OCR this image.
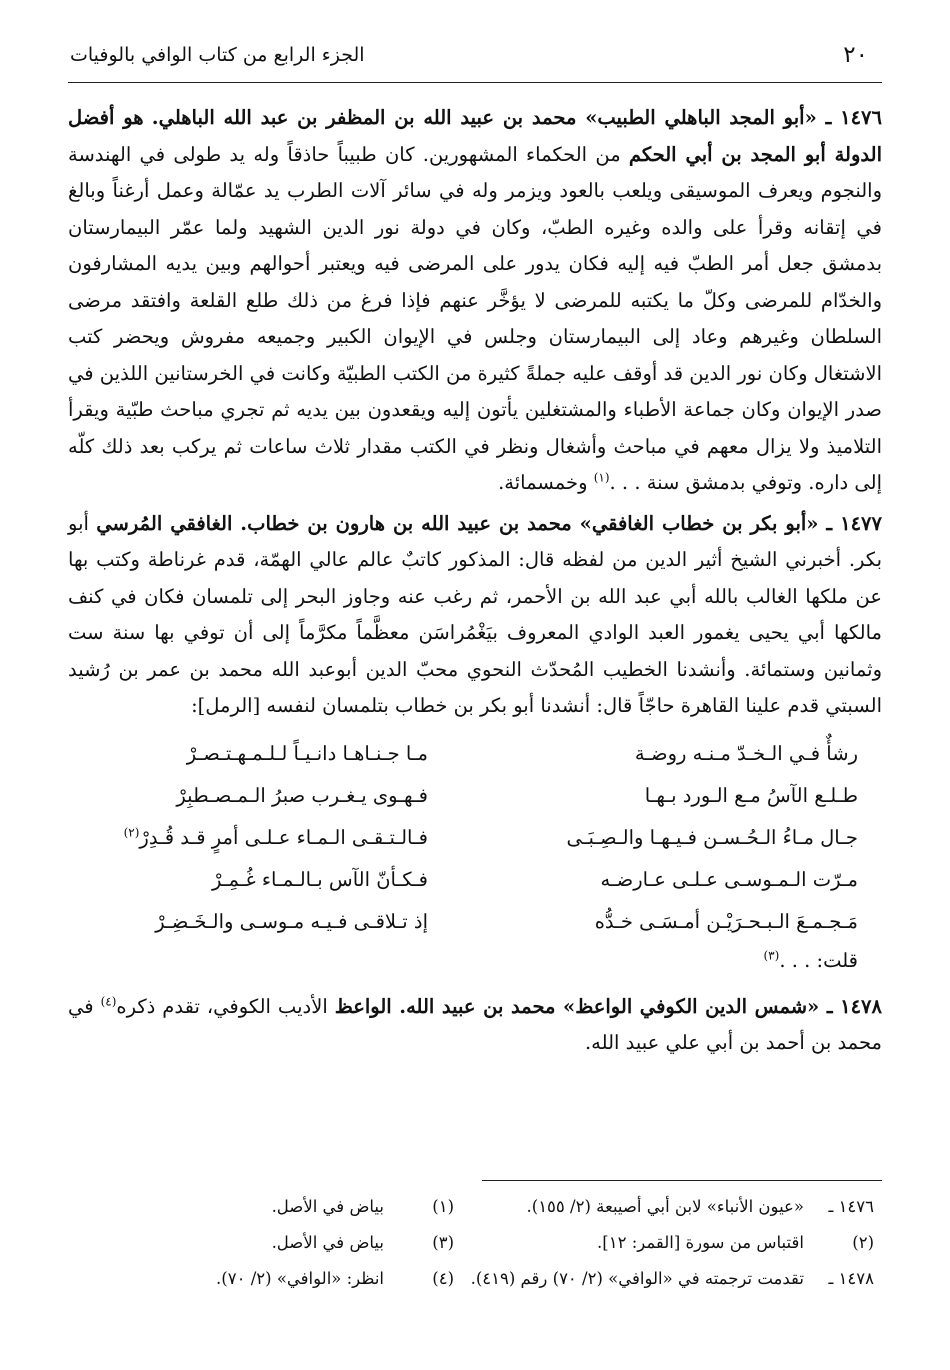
٢٠
الجزء الرابع من كتاب الوافي بالوفيات

١٤٧٦ ـ «أبو المجد الباهلي الطبيب» محمد بن عبيد الله بن المظفر بن عبد الله الباهلي. هو أفضل الدولة أبو المجد بن أبي الحكم من الحكماء المشهورين. كان طبيباً حاذقاً وله يد طولى في الهندسة والنجوم ويعرف الموسيقى ويلعب بالعود ويزمر وله في سائر آلات الطرب يد عمّالة وعمل أرغناً وبالغ في إتقانه وقرأ على والده وغيره الطبّ، وكان في دولة نور الدين الشهيد ولما عمّر البيمارستان بدمشق جعل أمر الطبّ فيه إليه فكان يدور على المرضى فيه ويعتبر أحوالهم وبين يديه المشارفون والخدّام للمرضى وكلّ ما يكتبه للمرضى لا يؤخَّر عنهم فإذا فرغ من ذلك طلع القلعة وافتقد مرضى السلطان وغيرهم وعاد إلى البيمارستان وجلس في الإيوان الكبير وجميعه مفروش ويحضر كتب الاشتغال وكان نور الدين قد أوقف عليه جملةً كثيرة من الكتب الطبيّة وكانت في الخرستانين اللذين في صدر الإيوان وكان جماعة الأطباء والمشتغلين يأتون إليه ويقعدون بين يديه ثم تجري مباحث طبّية ويقرأ التلاميذ ولا يزال معهم في مباحث وأشغال ونظر في الكتب مقدار ثلاث ساعات ثم يركب بعد ذلك كلّه إلى داره. وتوفي بدمشق سنة . . .$^{(١)}$ وخمسمائة.

١٤٧٧ ـ «أبو بكر بن خطاب الغافقي» محمد بن عبيد الله بن هارون بن خطاب. الغافقي المُرسي أبو بكر. أخبرني الشيخ أثير الدين من لفظه قال: المذكور كاتبٌ عالم عالي الهمّة، قدم غرناطة وكتب بها عن ملكها الغالب بالله أبي عبد الله بن الأحمر، ثم رغب عنه وجاوز البحر إلى تلمسان فكان في كنف مالكها أبي يحيى يغمور العبد الوادي المعروف بيَغْمُراسَن معظَّماً مكرَّماً إلى أن توفي بها سنة ست وثمانين وستمائة. وأنشدنا الخطيب المُحدّث النحوي محبّ الدين أبوعبد الله محمد بن عمر بن رُشيد السبتي قدم علينا القاهرة حاجّاً قال: أنشدنا أبو بكر بن خطاب بتلمسان لنفسه [الرمل]:

رشأٌ فـي الـخـدّ مـنـه روضـة
مـا جـنـاهـا دانـيـاً لـلـمـهـتـصـرْ
طـلـع الآسُ مـع الـورد بـهـا
فـهـوى يـغـرب صبرُ الـمـصـطبِرْ
جـال مـاءُ الـحُـسـن فـيـهـا والـصِـبَـى
فـالـتـقـى الـمـاء عـلـى أمرٍ قـد قُـدِرْ$^{(٢)}$
مـرّت الـمـوسـى عـلـى عـارضـه
فـكـأنّ الآس بـالـمـاء غُـمِـرْ
مَـجـمـعَ الـبـحـرَيْـن أمـسَـى خـدُّه
إذ تـلاقـى فـيـه مـوسـى والـخَـضِـرْ
قلت: . . .$^{(٣)}$

١٤٧٨ ـ «شمس الدين الكوفي الواعظ» محمد بن عبيد الله. الواعظ الأديب الكوفي، تقدم ذكره$^{(٤)}$ في محمد بن أحمد بن أبي علي عبيد الله.

١٤٧٦ ـ
«عيون الأنباء» لابن أبي أصيبعة (٢/ ١٥٥).
(١)
بياض في الأصل.
(٢)
اقتباس من سورة [القمر: ١٢].
(٣)
بياض في الأصل.
١٤٧٨ ـ
تقدمت ترجمته في «الوافي» (٢/ ٧٠) رقم (٤١٩).
(٤)
انظر: «الوافي» (٢/ ٧٠).
